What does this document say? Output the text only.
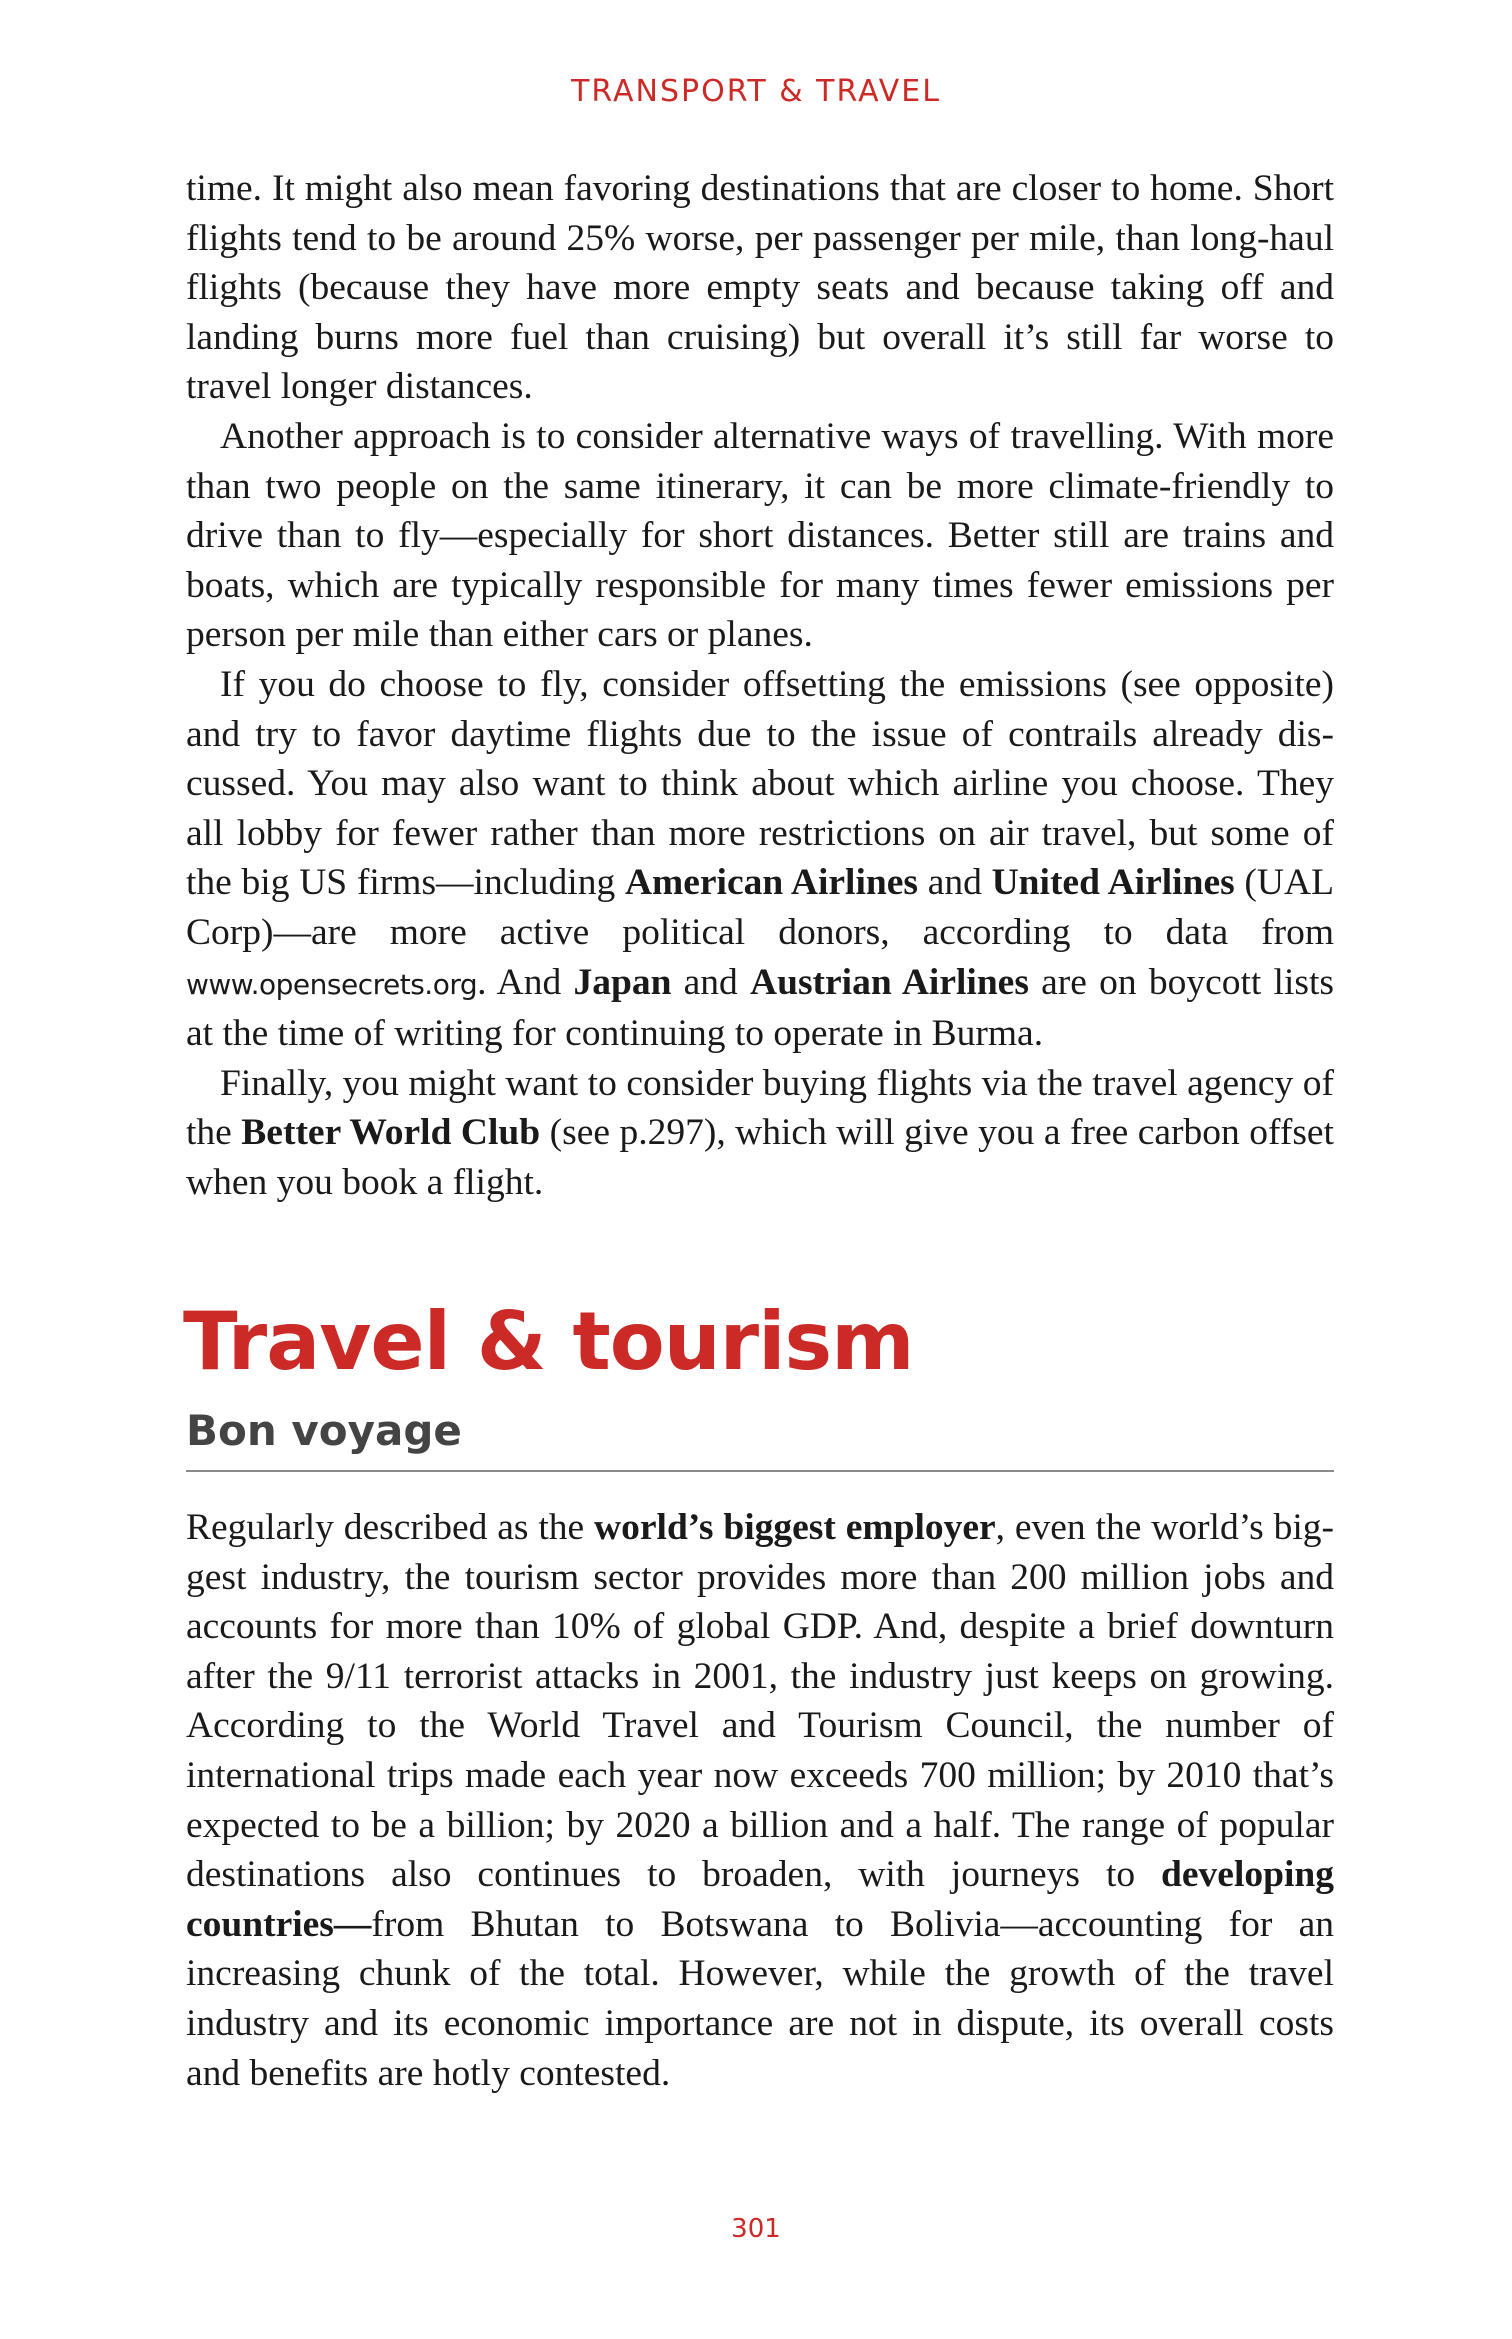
TRANSPORT & TRAVEL

time. It might also mean favoring destinations that are closer to home. Short flights tend to be around 25% worse, per passenger per mile, than long-haul flights (because they have more empty seats and because taking off and landing burns more fuel than cruising) but overall it’s still far worse to travel longer distances.

Another approach is to consider alternative ways of travelling. With more than two people on the same itinerary, it can be more climate-friendly to drive than to fly—especially for short distances. Better still are trains and boats, which are typically responsible for many times fewer emissions per person per mile than either cars or planes.

If you do choose to fly, consider offsetting the emissions (see opposite) and try to favor daytime flights due to the issue of contrails already discussed. You may also want to think about which airline you choose. They all lobby for fewer rather than more restrictions on air travel, but some of the big US firms—including American Airlines and United Airlines (UAL Corp)—are more active political donors, according to data from www.opensecrets.org. And Japan and Austrian Airlines are on boycott lists at the time of writing for continuing to operate in Burma.

Finally, you might want to consider buying flights via the travel agency of the Better World Club (see p.297), which will give you a free carbon offset when you book a flight.

Travel & tourism
Bon voyage

Regularly described as the world’s biggest employer, even the world’s biggest industry, the tourism sector provides more than 200 million jobs and accounts for more than 10% of global GDP. And, despite a brief downturn after the 9/11 terrorist attacks in 2001, the industry just keeps on growing. According to the World Travel and Tourism Council, the number of international trips made each year now exceeds 700 million; by 2010 that’s expected to be a billion; by 2020 a billion and a half. The range of popular destinations also continues to broaden, with journeys to developing countries—from Bhutan to Botswana to Bolivia—accounting for an increasing chunk of the total. However, while the growth of the travel industry and its economic importance are not in dispute, its overall costs and benefits are hotly contested.

301
